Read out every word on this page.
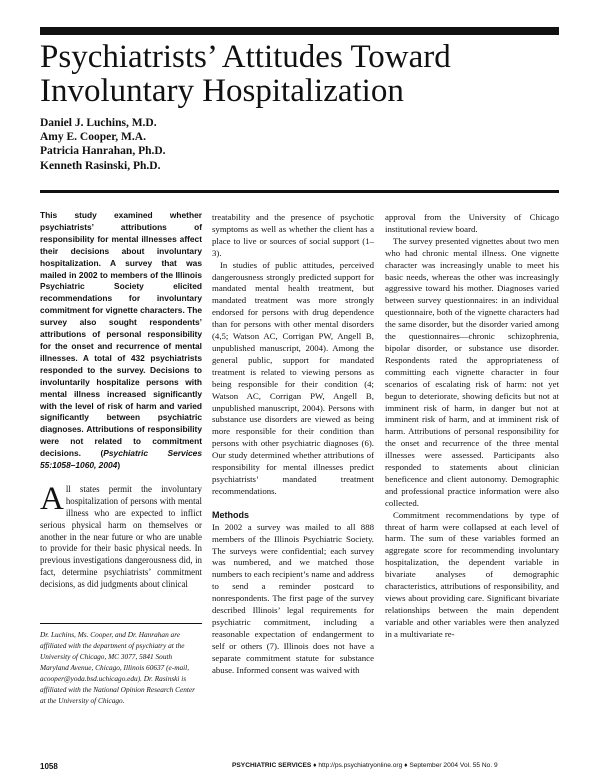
Psychiatrists’ Attitudes Toward
Involuntary Hospitalization
Daniel J. Luchins, M.D.
Amy E. Cooper, M.A.
Patricia Hanrahan, Ph.D.
Kenneth Rasinski, Ph.D.

This study examined whether psychiatrists’ attributions of responsibility for mental illnesses affect their decisions about involuntary hospitalization. A survey that was mailed in 2002 to members of the Illinois Psychiatric Society elicited recommendations for involuntary commitment for vignette characters. The survey also sought respondents’ attributions of personal responsibility for the onset and recurrence of mental illnesses. A total of 432 psychiatrists responded to the survey. Decisions to involuntarily hospitalize persons with mental illness increased significantly with the level of risk of harm and varied significantly between psychiatric diagnoses. Attributions of responsibility were not related to commitment decisions. (Psychiatric Services 55:1058–1060, 2004)

All states permit the involuntary hospitalization of persons with mental illness who are expected to inflict serious physical harm on themselves or another in the near future or who are unable to provide for their basic physical needs. In previous investigations dangerousness did, in fact, determine psychiatrists’ commitment decisions, as did judgments about clinical

Dr. Luchins, Ms. Cooper, and Dr. Hanrahan are affiliated with the department of psychiatry at the University of Chicago, MC 3077, 5841 South Maryland Avenue, Chicago, Illinois 60637 (e-mail, acooper@yoda.bsd.uchicago.edu). Dr. Rasinski is affiliated with the National Opinion Research Center at the University of Chicago.

treatability and the presence of psychotic symptoms as well as whether the client has a place to live or sources of social support (1–3).

In studies of public attitudes, perceived dangerousness strongly predicted support for mandated mental health treatment, but mandated treatment was more strongly endorsed for persons with drug dependence than for persons with other mental disorders (4,5; Watson AC, Corrigan PW, Angell B, unpublished manuscript, 2004). Among the general public, support for mandated treatment is related to viewing persons as being responsible for their condition (4; Watson AC, Corrigan PW, Angell B, unpublished manuscript, 2004). Persons with substance use disorders are viewed as being more responsible for their condition than persons with other psychiatric diagnoses (6). Our study determined whether attributions of responsibility for mental illnesses predict psychiatrists’ mandated treatment recommendations.

Methods

In 2002 a survey was mailed to all 888 members of the Illinois Psychiatric Society. The surveys were confidential; each survey was numbered, and we matched those numbers to each recipient’s name and address to send a reminder postcard to nonrespondents. The first page of the survey described Illinois’ legal requirements for psychiatric commitment, including a reasonable expectation of endangerment to self or others (7). Illinois does not have a separate commitment statute for substance abuse. Informed consent was waived with

approval from the University of Chicago institutional review board.

The survey presented vignettes about two men who had chronic mental illness. One vignette character was increasingly unable to meet his basic needs, whereas the other was increasingly aggressive toward his mother. Diagnoses varied between survey questionnaires: in an individual questionnaire, both of the vignette characters had the same disorder, but the disorder varied among the questionnaires—chronic schizophrenia, bipolar disorder, or substance use disorder. Respondents rated the appropriateness of committing each vignette character in four scenarios of escalating risk of harm: not yet begun to deteriorate, showing deficits but not at imminent risk of harm, in danger but not at imminent risk of harm, and at imminent risk of harm. Attributions of personal responsibility for the onset and recurrence of the three mental illnesses were assessed. Participants also responded to statements about clinician beneficence and client autonomy. Demographic and professional practice information were also collected.

Commitment recommendations by type of threat of harm were collapsed at each level of harm. The sum of these variables formed an aggregate score for recommending involuntary hospitalization, the dependent variable in bivariate analyses of demographic characteristics, attributions of responsibility, and views about providing care. Significant bivariate relationships between the main dependent variable and other variables were then analyzed in a multivariate re-

1058	PSYCHIATRIC SERVICES ♦ http://ps.psychiatryonline.org ♦ September 2004 Vol. 55 No. 9
